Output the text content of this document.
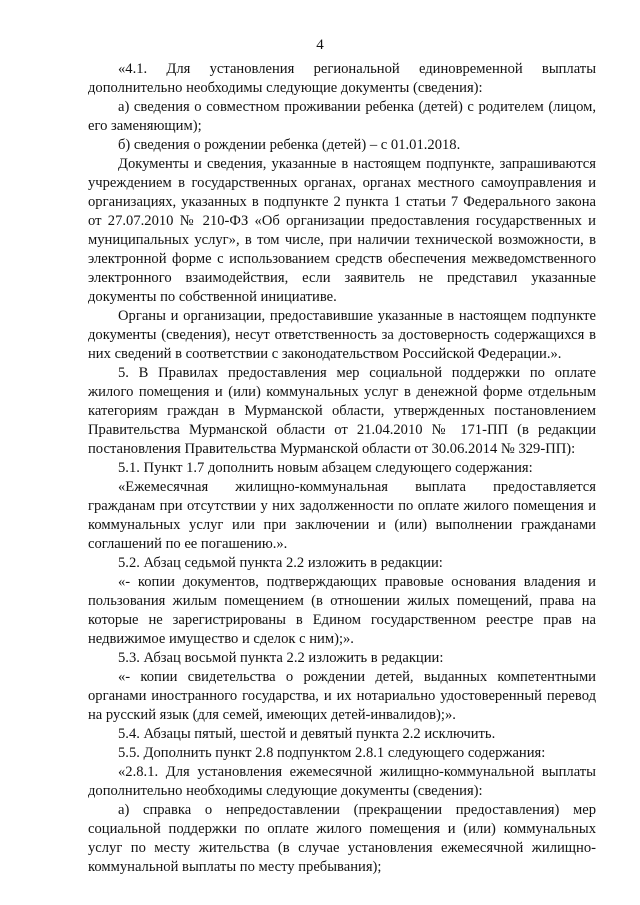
4

«4.1. Для установления региональной единовременной выплаты дополнительно необходимы следующие документы (сведения):

а) сведения о совместном проживании ребенка (детей) с родителем (лицом, его заменяющим);

б) сведения о рождении ребенка (детей) – с 01.01.2018.

Документы и сведения, указанные в настоящем подпункте, запрашиваются учреждением в государственных органах, органах местного самоуправления и организациях, указанных в подпункте 2 пункта 1 статьи 7 Федерального закона от 27.07.2010 № 210-ФЗ «Об организации предоставления государственных и муниципальных услуг», в том числе, при наличии технической возможности, в электронной форме с использованием средств обеспечения межведомственного электронного взаимодействия, если заявитель не представил указанные документы по собственной инициативе.

Органы и организации, предоставившие указанные в настоящем подпункте документы (сведения), несут ответственность за достоверность содержащихся в них сведений в соответствии с законодательством Российской Федерации.».

5. В Правилах предоставления мер социальной поддержки по оплате жилого помещения и (или) коммунальных услуг в денежной форме отдельным категориям граждан в Мурманской области, утвержденных постановлением Правительства Мурманской области от 21.04.2010 № 171-ПП (в редакции постановления Правительства Мурманской области от 30.06.2014 № 329-ПП):

5.1. Пункт 1.7 дополнить новым абзацем следующего содержания:

«Ежемесячная жилищно-коммунальная выплата предоставляется гражданам при отсутствии у них задолженности по оплате жилого помещения и коммунальных услуг или при заключении и (или) выполнении гражданами соглашений по ее погашению.».

5.2. Абзац седьмой пункта 2.2 изложить в редакции:

«- копии документов, подтверждающих правовые основания владения и пользования жилым помещением (в отношении жилых помещений, права на которые не зарегистрированы в Едином государственном реестре прав на недвижимое имущество и сделок с ним);».

5.3. Абзац восьмой пункта 2.2 изложить в редакции:

«- копии свидетельства о рождении детей, выданных компетентными органами иностранного государства, и их нотариально удостоверенный перевод на русский язык (для семей, имеющих детей-инвалидов);».

5.4. Абзацы пятый, шестой и девятый пункта 2.2 исключить.

5.5. Дополнить пункт 2.8 подпунктом 2.8.1 следующего содержания:

«2.8.1. Для установления ежемесячной жилищно-коммунальной выплаты дополнительно необходимы следующие документы (сведения):

а) справка о непредоставлении (прекращении предоставления) мер социальной поддержки по оплате жилого помещения и (или) коммунальных услуг по месту жительства (в случае установления ежемесячной жилищно-коммунальной выплаты по месту пребывания);
